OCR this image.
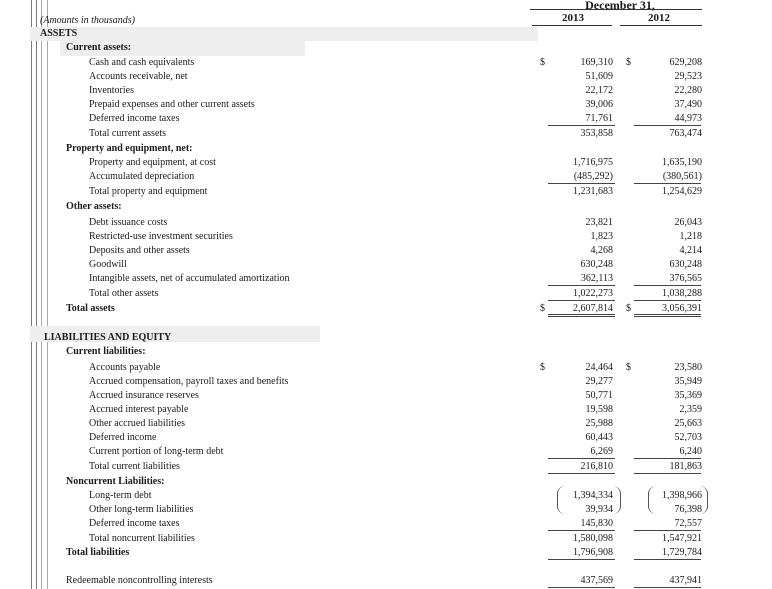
December 31,
2013	2012
(Amounts in thousands)
ASSETS
Current assets:
Cash and cash equivalents	$	169,310 $	629,208
Accounts receivable, net	51,609	29,523
Inventories	22,172	22,280
Prepaid expenses and other current assets	39,006	37,490
Deferred income taxes	71,761	44,973
Total current assets	353,858	763,474
Property and equipment, net:
Property and equipment, at cost	1,716,975	1,635,190
Accumulated depreciation	(485,292)	(380,561)
Total property and equipment	1,231,683	1,254,629
Other assets:
Debt issuance costs	23,821	26,043
Restricted-use investment securities	1,823	1,218
Deposits and other assets	4,268	4,214
Goodwill	630,248	630,248
Intangible assets, net of accumulated amortization	362,113	376,565
Total other assets	1,022,273	1,038,288
Total assets	$	2,607,814 $	3,056,391
LIABILITIES AND EQUITY
Current liabilities:
Accounts payable	$	24,464 $	23,580
Accrued compensation, payroll taxes and benefits	29,277	35,949
Accrued insurance reserves	50,771	35,369
Accrued interest payable	19,598	2,359
Other accrued liabilities	25,988	25,663
Deferred income	60,443	52,703
Current portion of long-term debt	6,269	6,240
Total current liabilities	216,810	181,863
Noncurrent Liabilities:
Long-term debt	1,394,334	1,398,966
Other long-term liabilities	39,934	76,398
Deferred income taxes	145,830	72,557
Total noncurrent liabilities	1,580,098	1,547,921
Total liabilities	1,796,908	1,729,784
Redeemable noncontrolling interests	437,569	437,941
